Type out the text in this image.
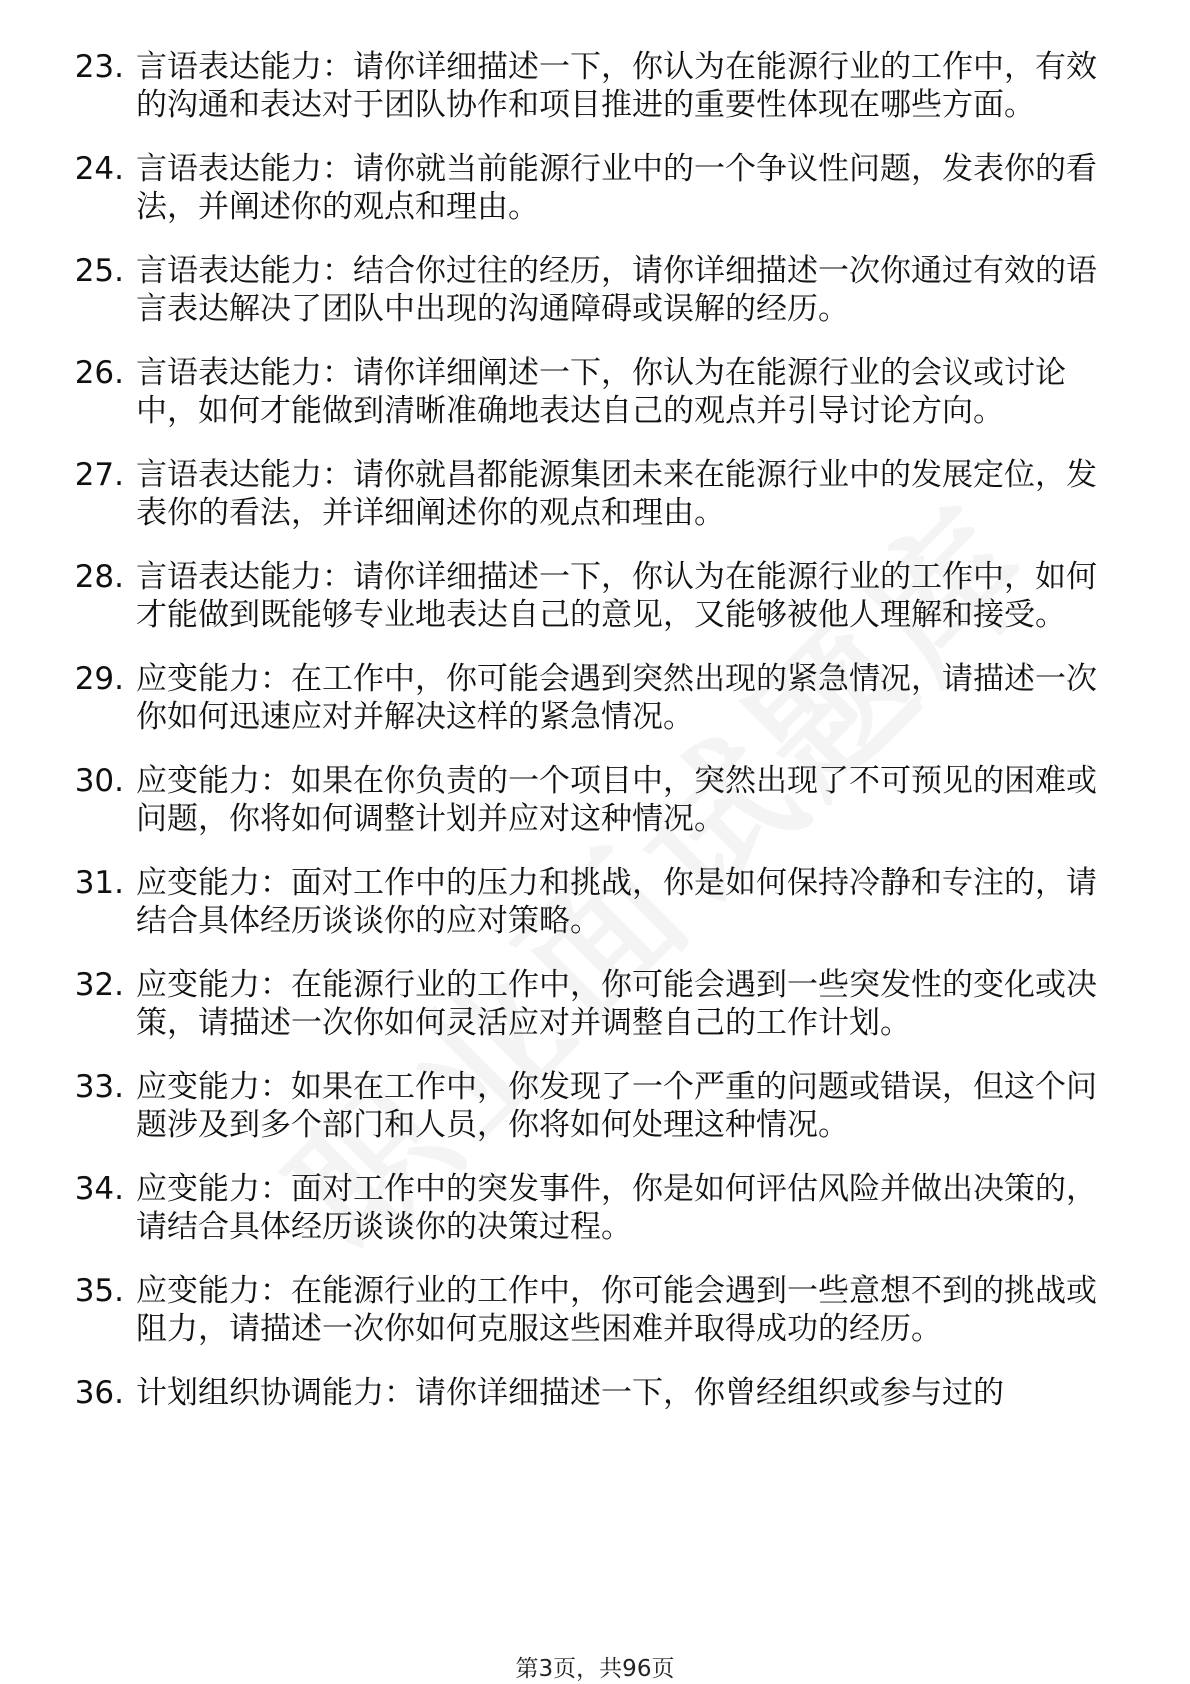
23. 言语表达能力：请你详细描述一下，你认为在能源行业的工作中，有效的沟通和表达对于团队协作和项目推进的重要性体现在哪些方面。
24. 言语表达能力：请你就当前能源行业中的一个争议性问题，发表你的看法，并阐述你的观点和理由。
25. 言语表达能力：结合你过往的经历，请你详细描述一次你通过有效的语言表达解决了团队中出现的沟通障碍或误解的经历。
26. 言语表达能力：请你详细阐述一下，你认为在能源行业的会议或讨论中，如何才能做到清晰准确地表达自己的观点并引导讨论方向。
27. 言语表达能力：请你就昌都能源集团未来在能源行业中的发展定位，发表你的看法，并详细阐述你的观点和理由。
28. 言语表达能力：请你详细描述一下，你认为在能源行业的工作中，如何才能做到既能够专业地表达自己的意见，又能够被他人理解和接受。
29. 应变能力：在工作中，你可能会遇到突然出现的紧急情况，请描述一次你如何迅速应对并解决这样的紧急情况。
30. 应变能力：如果在你负责的一个项目中，突然出现了不可预见的困难或问题，你将如何调整计划并应对这种情况。
31. 应变能力：面对工作中的压力和挑战，你是如何保持冷静和专注的，请结合具体经历谈谈你的应对策略。
32. 应变能力：在能源行业的工作中，你可能会遇到一些突发性的变化或决策，请描述一次你如何灵活应对并调整自己的工作计划。
33. 应变能力：如果在工作中，你发现了一个严重的问题或错误，但这个问题涉及到多个部门和人员，你将如何处理这种情况。
34. 应变能力：面对工作中的突发事件，你是如何评估风险并做出决策的，请结合具体经历谈谈你的决策过程。
35. 应变能力：在能源行业的工作中，你可能会遇到一些意想不到的挑战或阻力，请描述一次你如何克服这些困难并取得成功的经历。
36. 计划组织协调能力：请你详细描述一下，你曾经组织或参与过的
第3页，共96页
